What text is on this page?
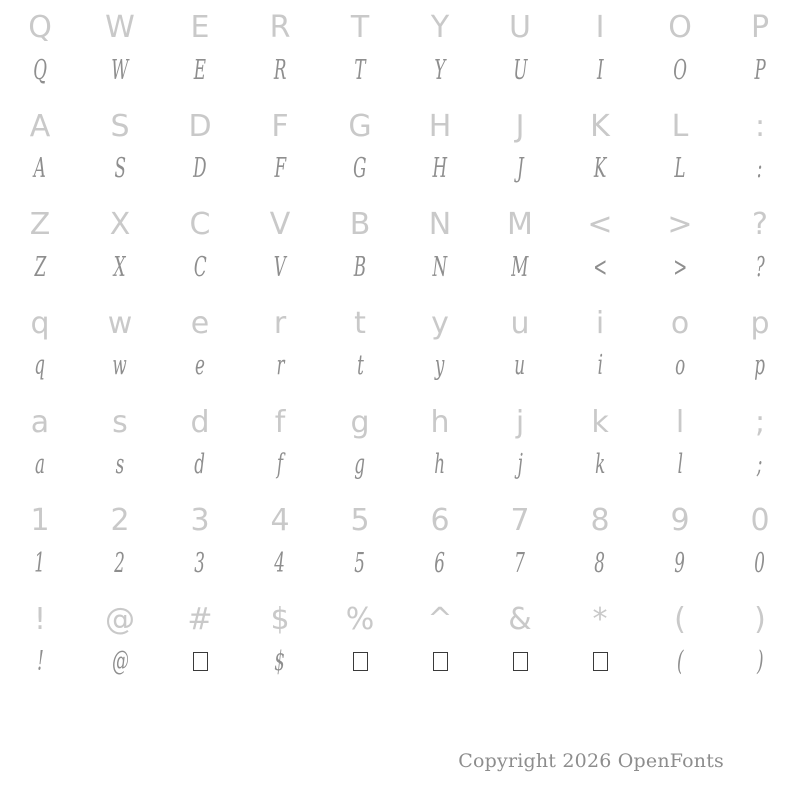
Q
Q
W
W
E
E
R
R
T
T
Y
Y
U
U
I
I
O
O
P
P
A
A
S
S
D
D
F
F
G
G
H
H
J
J
K
K
L
L
:
:
Z
Z
X
X
C
C
V
V
B
B
N
N
M
M
<
<
>
>
?
?
q
q
w
w
e
e
r
r
t
t
y
y
u
u
i
i
o
o
p
p
a
a
s
s
d
d
f
f
g
g
h
h
j
j
k
k
l
l
;
;
1
1
2
2
3
3
4
4
5
5
6
6
7
7
8
8
9
9
0
0
!
!
@
@
# $
$
% ^ & * (
(
)
)
Copyright 2026 OpenFonts
